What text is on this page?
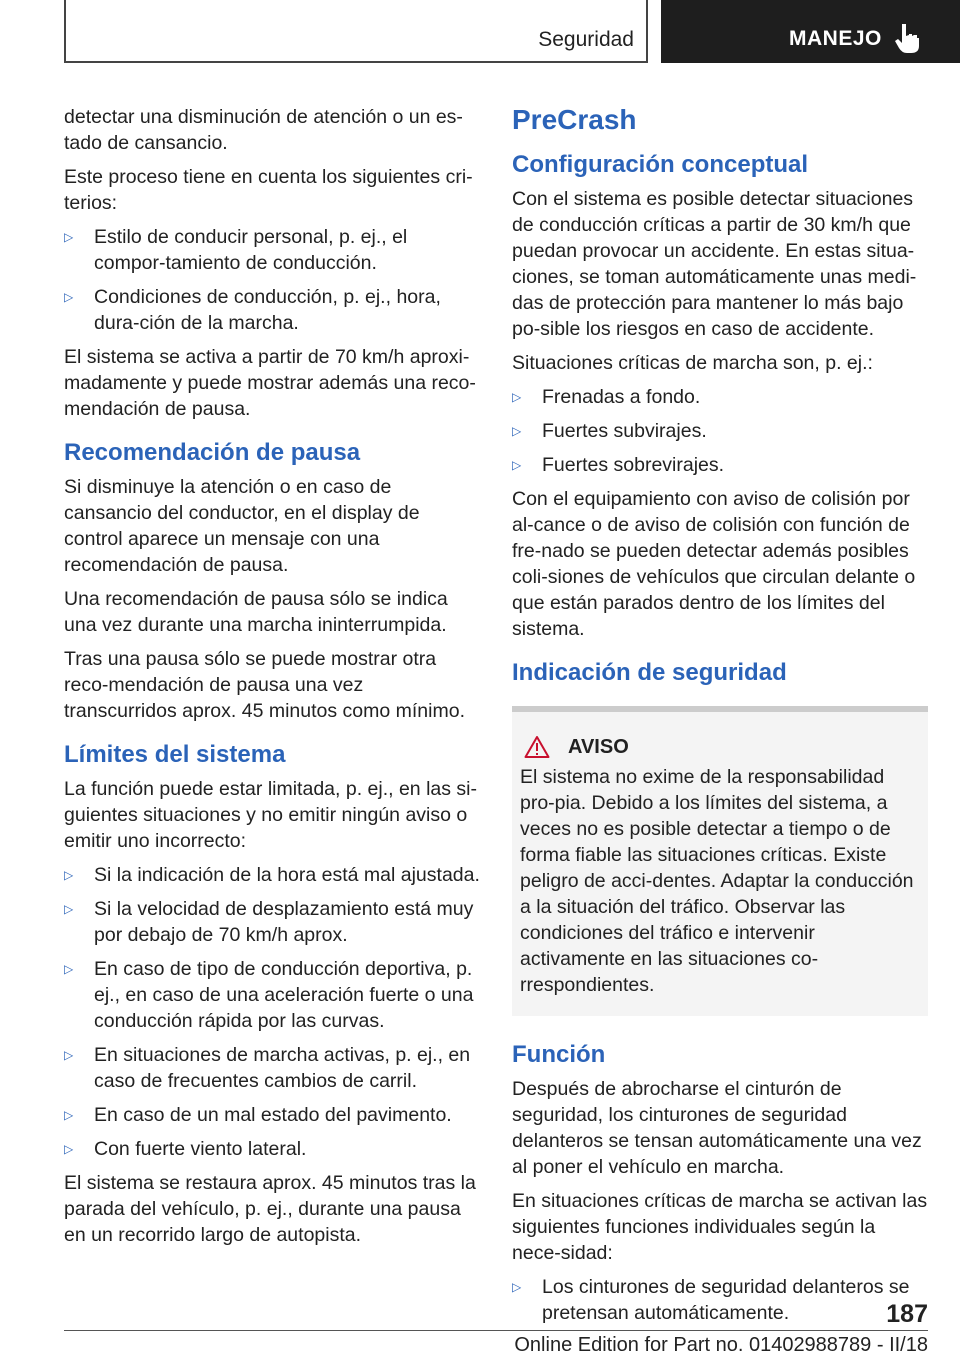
Seguridad	MANEJO

detectar una disminución de atención o un es-tado de cansancio.

Este proceso tiene en cuenta los siguientes cri-terios:

▷	Estilo de conducir personal, p. ej., el compor-tamiento de conducción.
▷	Condiciones de conducción, p. ej., hora, dura-ción de la marcha.

El sistema se activa a partir de 70 km/h aproxi-madamente y puede mostrar además una reco-mendación de pausa.

Recomendación de pausa

Si disminuye la atención o en caso de cansancio del conductor, en el display de control aparece un mensaje con una recomendación de pausa.

Una recomendación de pausa sólo se indica una vez durante una marcha ininterrumpida.

Tras una pausa sólo se puede mostrar otra reco-mendación de pausa una vez transcurridos aprox. 45 minutos como mínimo.

Límites del sistema

La función puede estar limitada, p. ej., en las si-guientes situaciones y no emitir ningún aviso o emitir uno incorrecto:

▷	Si la indicación de la hora está mal ajustada.
▷	Si la velocidad de desplazamiento está muy por debajo de 70 km/h aprox.
▷	En caso de tipo de conducción deportiva, p. ej., en caso de una aceleración fuerte o una conducción rápida por las curvas.
▷	En situaciones de marcha activas, p. ej., en caso de frecuentes cambios de carril.
▷	En caso de un mal estado del pavimento.
▷	Con fuerte viento lateral.

El sistema se restaura aprox. 45 minutos tras la parada del vehículo, p. ej., durante una pausa en un recorrido largo de autopista.

PreCrash
Configuración conceptual

Con el sistema es posible detectar situaciones de conducción críticas a partir de 30 km/h que puedan provocar un accidente. En estas situa-ciones, se toman automáticamente unas medi-das de protección para mantener lo más bajo po-sible los riesgos en caso de accidente.

Situaciones críticas de marcha son, p. ej.:

▷	Frenadas a fondo.
▷	Fuertes subvirajes.
▷	Fuertes sobrevirajes.

Con el equipamiento con aviso de colisión por al-cance o de aviso de colisión con función de fre-nado se pueden detectar además posibles coli-siones de vehículos que circulan delante o que están parados dentro de los límites del sistema.

Indicación de seguridad
AVISO

El sistema no exime de la responsabilidad pro-pia. Debido a los límites del sistema, a veces no es posible detectar a tiempo o de forma fiable las situaciones críticas. Existe peligro de acci-dentes. Adaptar la conducción a la situación del tráfico. Observar las condiciones del tráfico e intervenir activamente en las situaciones co-rrespondientes.

Función

Después de abrocharse el cinturón de seguridad, los cinturones de seguridad delanteros se tensan automáticamente una vez al poner el vehículo en marcha.

En situaciones críticas de marcha se activan las siguientes funciones individuales según la nece-sidad:

▷	Los cinturones de seguridad delanteros se pretensan automáticamente.	187
Online Edition for Part no. 01402988789 - II/18
